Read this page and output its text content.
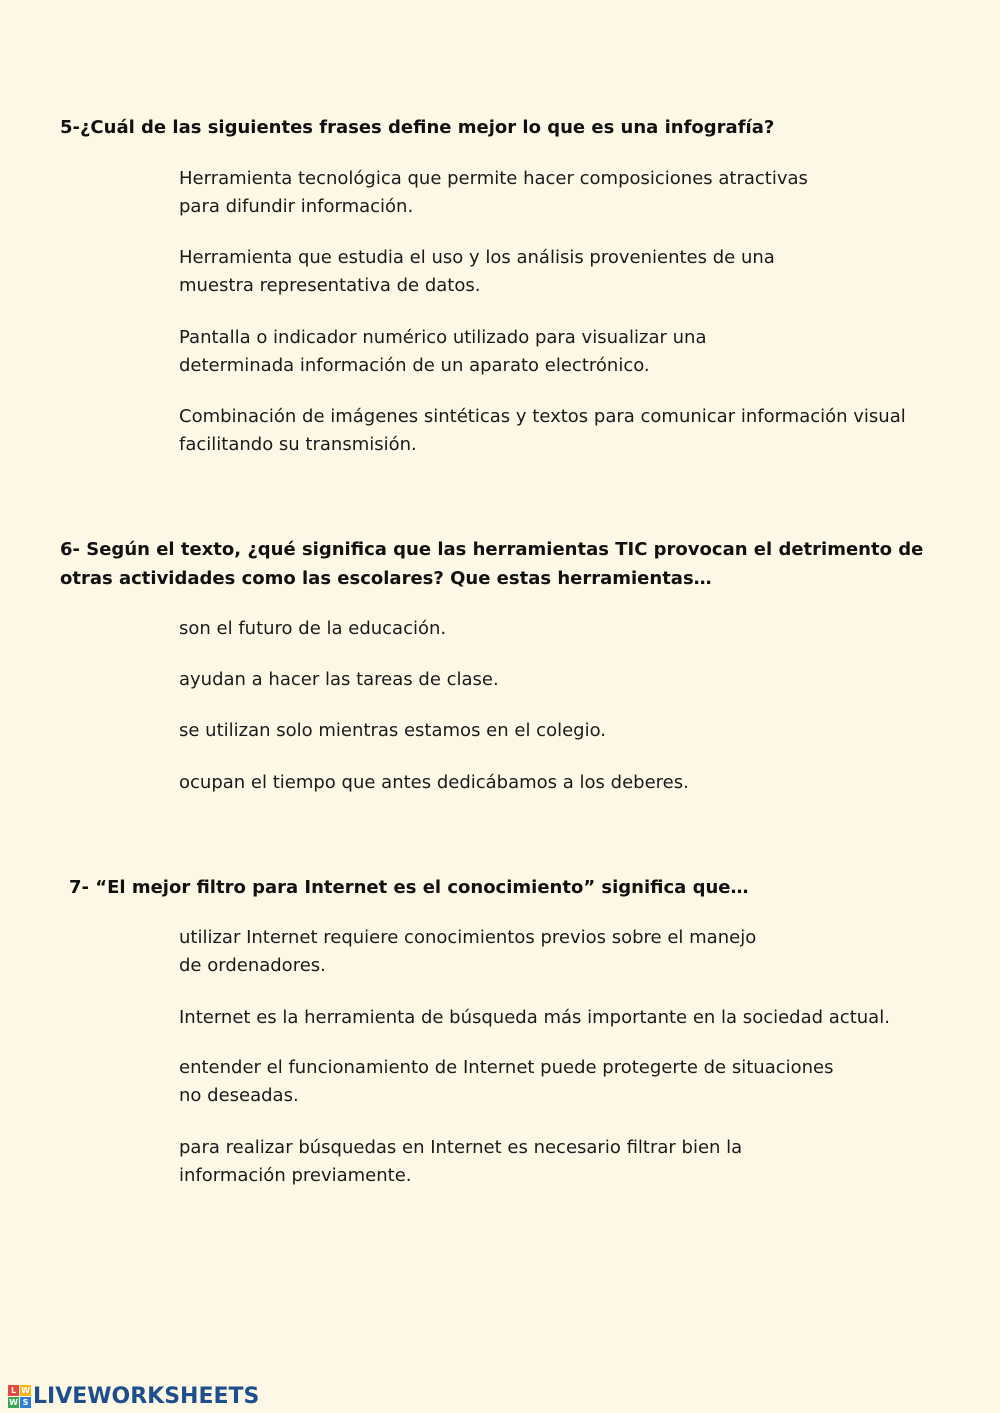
5-¿Cuál de las siguientes frases define mejor lo que es una infografía?
Herramienta tecnológica que permite hacer composiciones atractivas
para difundir información.
Herramienta que estudia el uso y los análisis provenientes de una
muestra representativa de datos.
Pantalla o indicador numérico utilizado para visualizar una
determinada información de un aparato electrónico.
Combinación de imágenes sintéticas y textos para comunicar información visual
facilitando su transmisión.
6- Según el texto, ¿qué significa que las herramientas TIC provocan el detrimento de
otras actividades como las escolares? Que estas herramientas…
son el futuro de la educación.
ayudan a hacer las tareas de clase.
se utilizan solo mientras estamos en el colegio.
ocupan el tiempo que antes dedicábamos a los deberes.
7- “El mejor filtro para Internet es el conocimiento” significa que…
utilizar Internet requiere conocimientos previos sobre el manejo
de ordenadores.
Internet es la herramienta de búsqueda más importante en la sociedad actual.
entender el funcionamiento de Internet puede protegerte de situaciones
no deseadas.
para realizar búsquedas en Internet es necesario filtrar bien la
información previamente.
L W
W S LIVEWORKSHEETS
